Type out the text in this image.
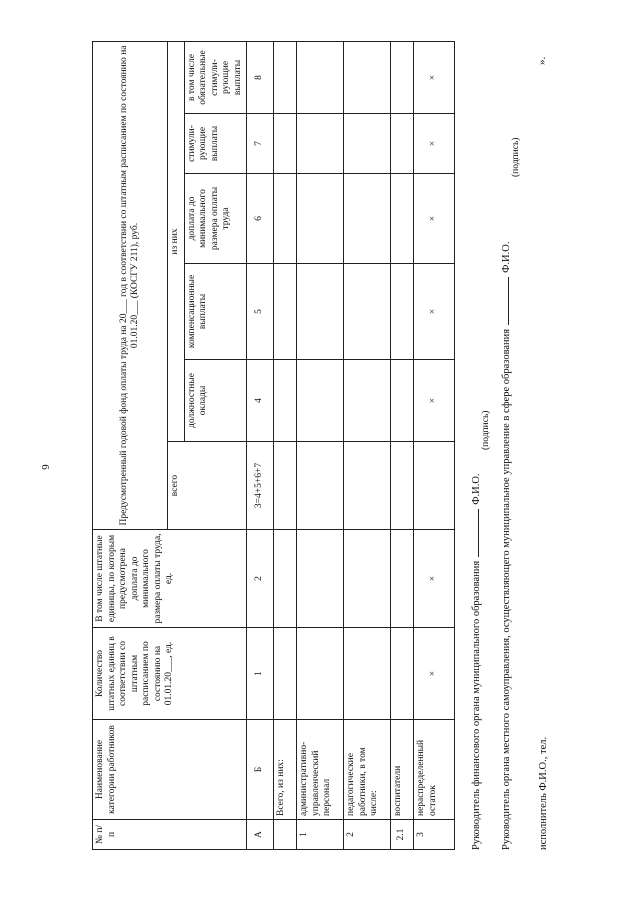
6
№ п/п	Наименование категории работников	Количество штатных единиц в соответствии со штатным расписанием по состоянию на 01.01.20___, ед.	В том числе штатные единицы, по которым предусмотрена доплата до минимального размера оплаты труда, ед.	Предусмотренный годовой фонд оплаты труда на 20___ год в соответствии со штатным расписанием по состоянию на 01.01.20___ (КОСГУ 211), руб.					
				всего	из них				
					должностные оклады	компенсационные выплаты	доплата до минимального размера оплаты труда	стимули-рующие выплаты	в том числе обязательные стимули-рующие выплаты
А	Б	1	2	3=4+5+6+7	4	5	6	7	8
	Всего, из них:								
1	административно-управленческий персонал								
2	педагогические работники, в том числе:								
2.1	воспитатели								
3	нераспределенный остаток	×	×		×	×	×	×	×
Руководитель финансового органа муниципального образованияФ.И.О.
(подпись) Руководитель органа местного самоуправления, осуществляющего муниципальное управление в сфере образованияФ.И.О.
(подпись)
исполнитель Ф.И.О., тел.
».
